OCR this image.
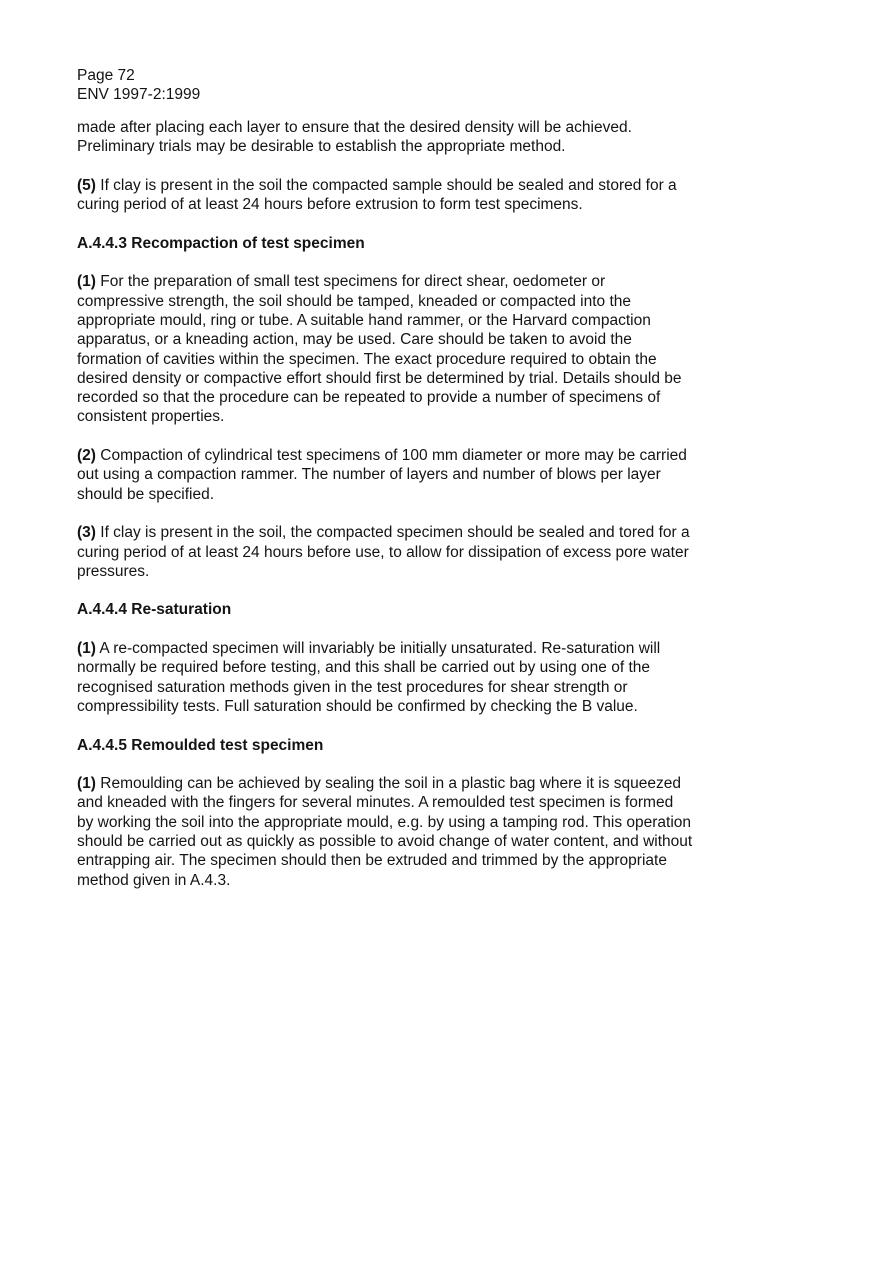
Page 72
ENV 1997-2:1999
made after placing each layer to ensure that the desired density will be achieved.
Preliminary trials may be desirable to establish the appropriate method.
(5) If clay is present in the soil the compacted sample should be sealed and stored for a
curing period of at least 24 hours before extrusion to form test specimens.
A.4.4.3 Recompaction of test specimen
(1) For the preparation of small test specimens for direct shear, oedometer or
compressive strength, the soil should be tamped, kneaded or compacted into the
appropriate mould, ring or tube. A suitable hand rammer, or the Harvard compaction
apparatus, or a kneading action, may be used. Care should be taken to avoid the
formation of cavities within the specimen. The exact procedure required to obtain the
desired density or compactive effort should first be determined by trial. Details should be
recorded so that the procedure can be repeated to provide a number of specimens of
consistent properties.
(2) Compaction of cylindrical test specimens of 100 mm diameter or more may be carried
out using a compaction rammer. The number of layers and number of blows per layer
should be specified.
(3) If clay is present in the soil, the compacted specimen should be sealed and tored for a
curing period of at least 24 hours before use, to allow for dissipation of excess pore water
pressures.
A.4.4.4 Re-saturation
(1) A re-compacted specimen will invariably be initially unsaturated. Re-saturation will
normally be required before testing, and this shall be carried out by using one of the
recognised saturation methods given in the test procedures for shear strength or
compressibility tests. Full saturation should be confirmed by checking the B value.
A.4.4.5 Remoulded test specimen
(1) Remoulding can be achieved by sealing the soil in a plastic bag where it is squeezed
and kneaded with the fingers for several minutes. A remoulded test specimen is formed
by working the soil into the appropriate mould, e.g. by using a tamping rod. This operation
should be carried out as quickly as possible to avoid change of water content, and without
entrapping air. The specimen should then be extruded and trimmed by the appropriate
method given in A.4.3.
